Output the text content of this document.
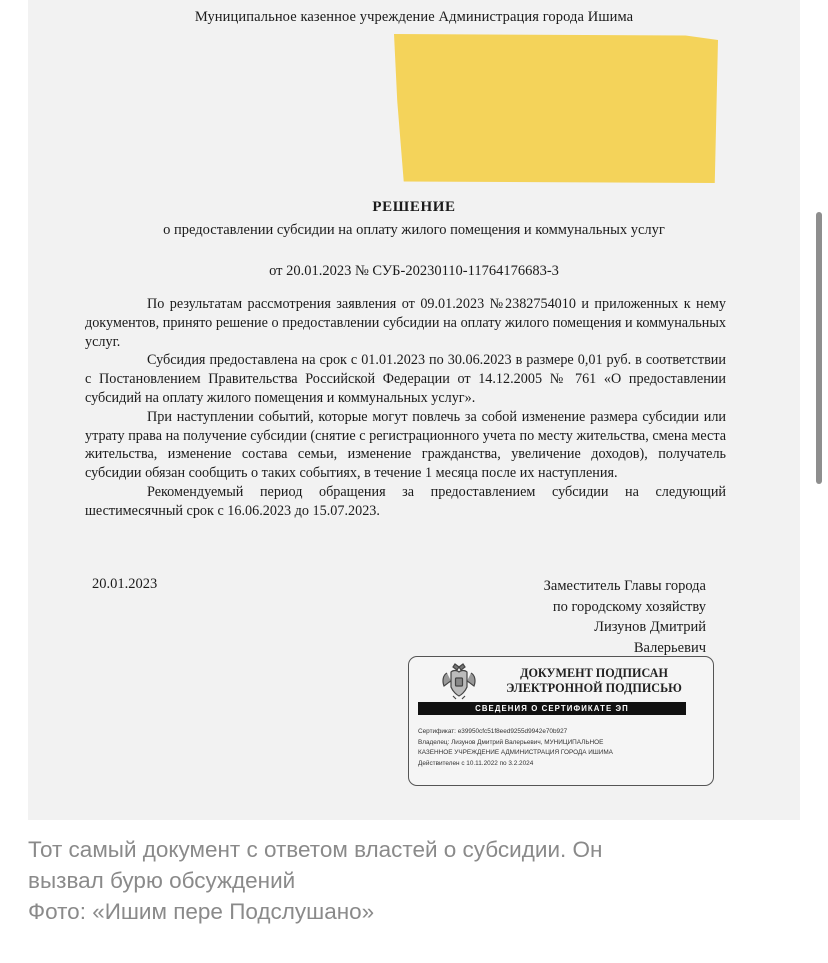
Муниципальное казенное учреждение Администрация города Ишима
РЕШЕНИЕ
о предоставлении субсидии на оплату жилого помещения и коммунальных услуг
от 20.01.2023 № СУБ-20230110-11764176683-3

По результатам рассмотрения заявления от 09.01.2023 №2382754010 и приложенных к нему документов, принято решение о предоставлении субсидии на оплату жилого помещения и коммунальных услуг.

Субсидия предоставлена на срок с 01.01.2023 по 30.06.2023 в размере 0,01 руб. в соответствии с Постановлением Правительства Российской Федерации от 14.12.2005 № 761 «О предоставлении субсидий на оплату жилого помещения и коммунальных услуг».

При наступлении событий, которые могут повлечь за собой изменение размера субсидии или утрату права на получение субсидии (снятие с регистрационного учета по месту жительства, смена места жительства, изменение состава семьи, изменение гражданства, увеличение доходов), получатель субсидии обязан сообщить о таких событиях, в течение 1 месяца после их наступления.

Рекомендуемый период обращения за предоставлением субсидии на следующий шестимесячный срок с 16.06.2023 до 15.07.2023.

20.01.2023	Заместитель Главы города
по городскому хозяйству
Лизунов Дмитрий
Валерьевич
ДОКУМЕНТ ПОДПИСАН
ЭЛЕКТРОННОЙ ПОДПИСЬЮ
СВЕДЕНИЯ О СЕРТИФИКАТЕ ЭП
Сертификат: e39950cfc51f8eed9255d9942e70b927
Владелец: Лизунов Дмитрий Валерьевич, МУНИЦИПАЛЬНОЕ
КАЗЕННОЕ УЧРЕЖДЕНИЕ АДМИНИСТРАЦИЯ ГОРОДА ИШИМА
Действителен с 10.11.2022 по 3.2.2024
Тот самый документ с ответом властей о субсидии. Он
вызвал бурю обсуждений
Фото: «Ишим пере Подслушано»
